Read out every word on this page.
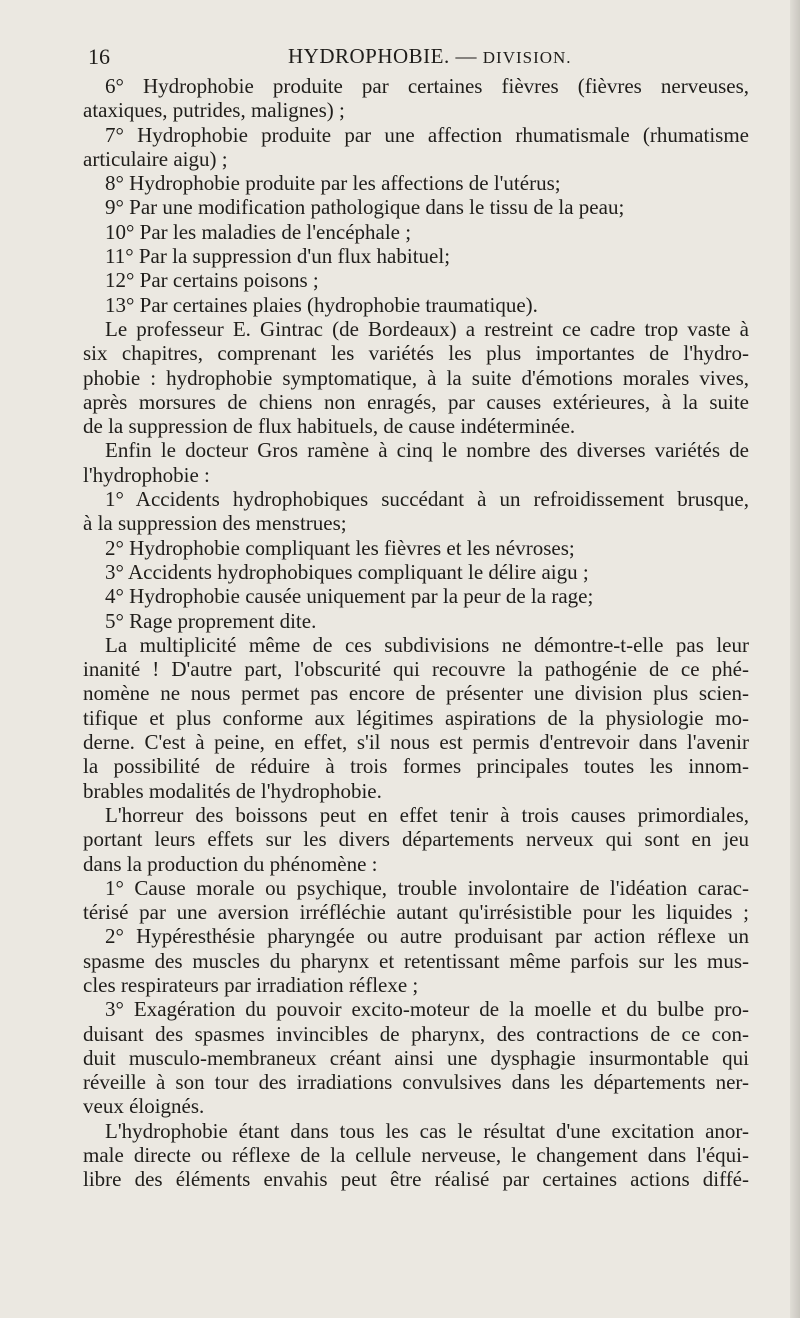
16	HYDROPHOBIE. — DIVISION.
6° Hydrophobie produite par certaines fièvres (fièvres nerveuses,
ataxiques, putrides, malignes) ;
7° Hydrophobie produite par une affection rhumatismale (rhumatisme
articulaire aigu) ;
8° Hydrophobie produite par les affections de l'utérus;
9° Par une modification pathologique dans le tissu de la peau;
10° Par les maladies de l'encéphale ;
11° Par la suppression d'un flux habituel;
12° Par certains poisons ;
13° Par certaines plaies (hydrophobie traumatique).
Le professeur E. Gintrac (de Bordeaux) a restreint ce cadre trop vaste à
six chapitres, comprenant les variétés les plus importantes de l'hydro-
phobie : hydrophobie symptomatique, à la suite d'émotions morales vives,
après morsures de chiens non enragés, par causes extérieures, à la suite
de la suppression de flux habituels, de cause indéterminée.
Enfin le docteur Gros ramène à cinq le nombre des diverses variétés de
l'hydrophobie :
1° Accidents hydrophobiques succédant à un refroidissement brusque,
à la suppression des menstrues;
2° Hydrophobie compliquant les fièvres et les névroses;
3° Accidents hydrophobiques compliquant le délire aigu ;
4° Hydrophobie causée uniquement par la peur de la rage;
5° Rage proprement dite.
La multiplicité même de ces subdivisions ne démontre-t-elle pas leur
inanité ! D'autre part, l'obscurité qui recouvre la pathogénie de ce phé-
nomène ne nous permet pas encore de présenter une division plus scien-
tifique et plus conforme aux légitimes aspirations de la physiologie mo-
derne. C'est à peine, en effet, s'il nous est permis d'entrevoir dans l'avenir
la possibilité de réduire à trois formes principales toutes les innom-
brables modalités de l'hydrophobie.
L'horreur des boissons peut en effet tenir à trois causes primordiales,
portant leurs effets sur les divers départements nerveux qui sont en jeu
dans la production du phénomène :
1° Cause morale ou psychique, trouble involontaire de l'idéation carac-
térisé par une aversion irréfléchie autant qu'irrésistible pour les liquides ;
2° Hypéresthésie pharyngée ou autre produisant par action réflexe un
spasme des muscles du pharynx et retentissant même parfois sur les mus-
cles respirateurs par irradiation réflexe ;
3° Exagération du pouvoir excito-moteur de la moelle et du bulbe pro-
duisant des spasmes invincibles de pharynx, des contractions de ce con-
duit musculo-membraneux créant ainsi une dysphagie insurmontable qui
réveille à son tour des irradiations convulsives dans les départements ner-
veux éloignés.
L'hydrophobie étant dans tous les cas le résultat d'une excitation anor-
male directe ou réflexe de la cellule nerveuse, le changement dans l'équi-
libre des éléments envahis peut être réalisé par certaines actions diffé-
